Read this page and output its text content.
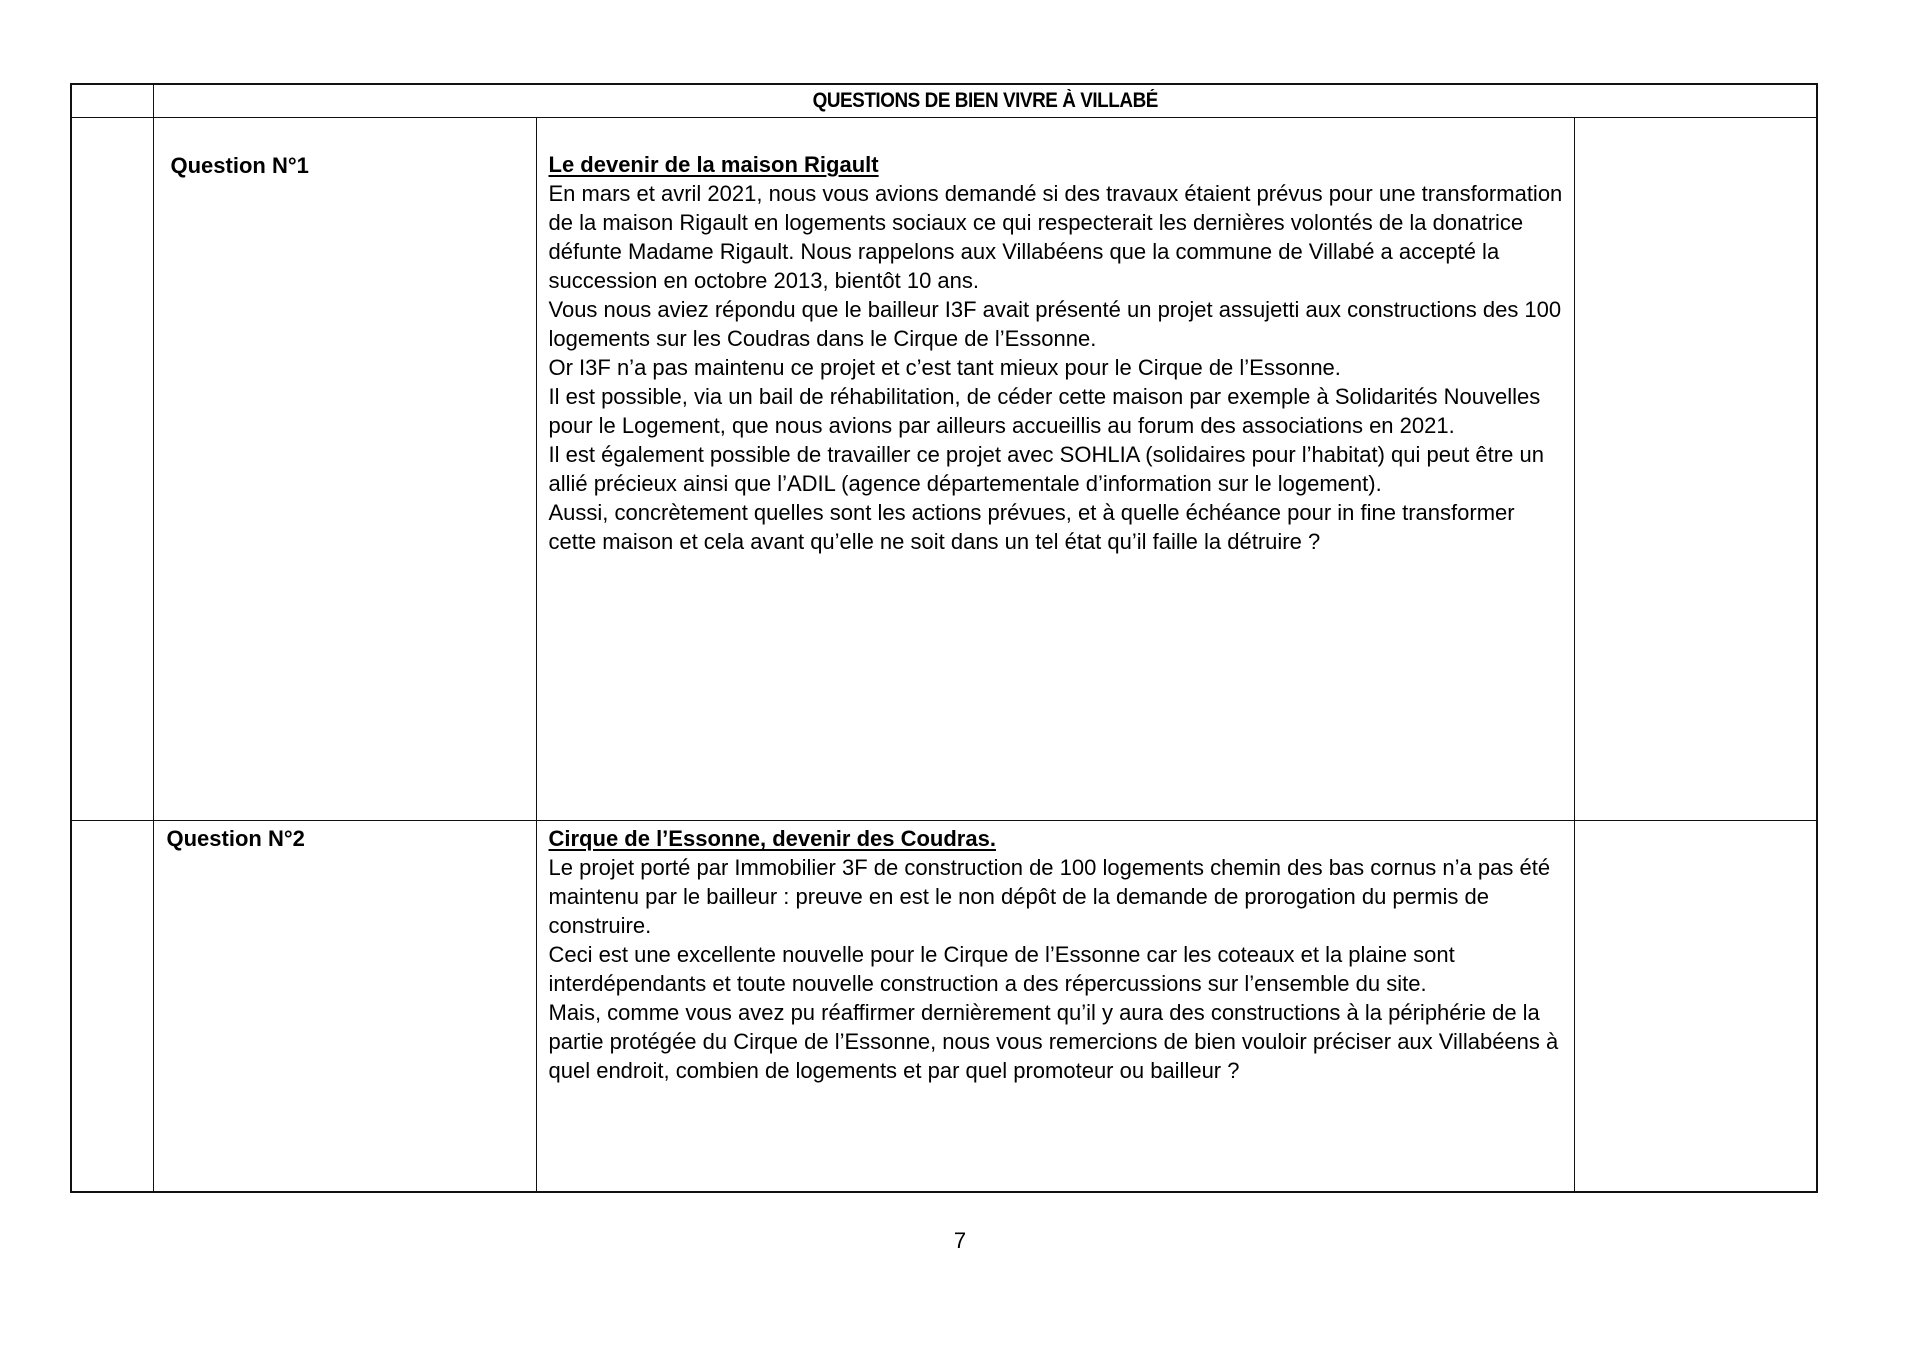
	QUESTIONS DE BIEN VIVRE À VILLABÉ		

Question N°1	Le devenir de la maison Rigault
En mars et avril 2021, nous vous avions demandé si des travaux étaient prévus pour une transformation de la maison Rigault en logements sociaux ce qui respecterait les dernières volontés de la donatrice défunte Madame Rigault. Nous rappelons aux Villabéens que la commune de Villabé a accepté la succession en octobre 2013, bientôt 10 ans.
Vous nous aviez répondu que le bailleur I3F avait présenté un projet assujetti aux constructions des 100 logements sur les Coudras dans le Cirque de l’Essonne.
Or I3F n’a pas maintenu ce projet et c’est tant mieux pour le Cirque de l’Essonne.
Il est possible, via un bail de réhabilitation, de céder cette maison par exemple à Solidarités Nouvelles pour le Logement, que nous avions par ailleurs accueillis au forum des associations en 2021.
Il est également possible de travailler ce projet avec SOHLIA (solidaires pour l’habitat) qui peut être un allié précieux ainsi que l’ADIL (agence départementale d’information sur le logement).
Aussi, concrètement quelles sont les actions prévues, et à quelle échéance pour in fine transformer cette maison et cela avant qu’elle ne soit dans un tel état qu’il faille la détruire ?

	Question N°2	Cirque de l’Essonne, devenir des Coudras.
Le projet porté par Immobilier 3F de construction de 100 logements chemin des bas cornus n’a pas été maintenu par le bailleur : preuve en est le non dépôt de la demande de prorogation du permis de construire.
Ceci est une excellente nouvelle pour le Cirque de l’Essonne car les coteaux et la plaine sont interdépendants et toute nouvelle construction a des répercussions sur l’ensemble du site.
Mais, comme vous avez pu réaffirmer dernièrement qu’il y aura des constructions à la périphérie de la partie protégée du Cirque de l’Essonne, nous vous remercions de bien vouloir préciser aux Villabéens à quel endroit, combien de logements et par quel promoteur ou bailleur ?	

7
